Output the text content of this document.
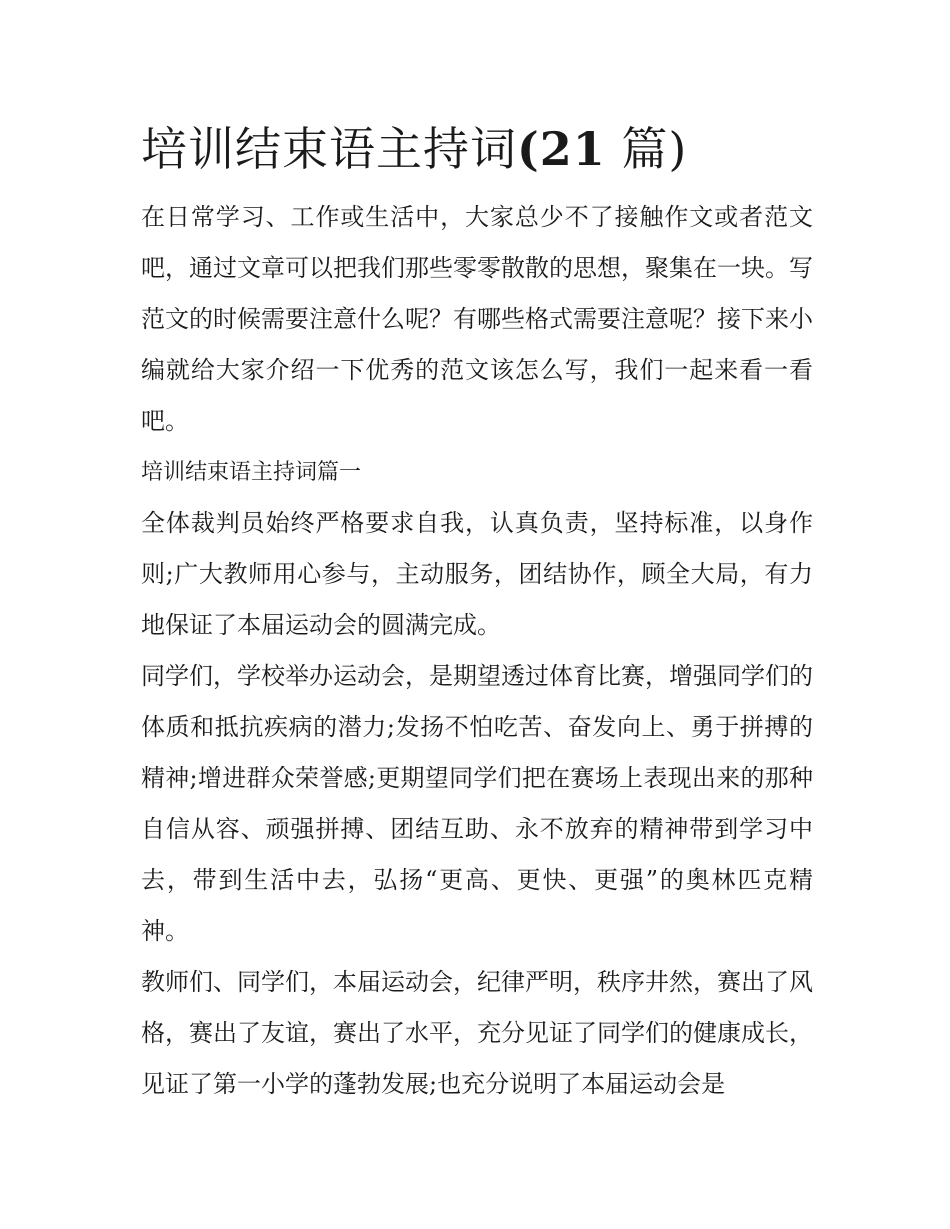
培训结束语主持词(21 篇)

在日常学习、工作或生活中，大家总少不了接触作文或者范文吧，通过文章可以把我们那些零零散散的思想，聚集在一块。写范文的时候需要注意什么呢？有哪些格式需要注意呢？接下来小编就给大家介绍一下优秀的范文该怎么写，我们一起来看一看吧。

培训结束语主持词篇一

全体裁判员始终严格要求自我，认真负责，坚持标准，以身作则;广大教师用心参与，主动服务，团结协作，顾全大局，有力地保证了本届运动会的圆满完成。

同学们，学校举办运动会，是期望透过体育比赛，增强同学们的体质和抵抗疾病的潜力;发扬不怕吃苦、奋发向上、勇于拼搏的精神;增进群众荣誉感;更期望同学们把在赛场上表现出来的那种自信从容、顽强拼搏、团结互助、永不放弃的精神带到学习中去，带到生活中去，弘扬“更高、更快、更强”的奥林匹克精神。

教师们、同学们，本届运动会，纪律严明，秩序井然，赛出了风格，赛出了友谊，赛出了水平，充分见证了同学们的健康成长，见证了第一小学的蓬勃发展;也充分说明了本届运动会是
